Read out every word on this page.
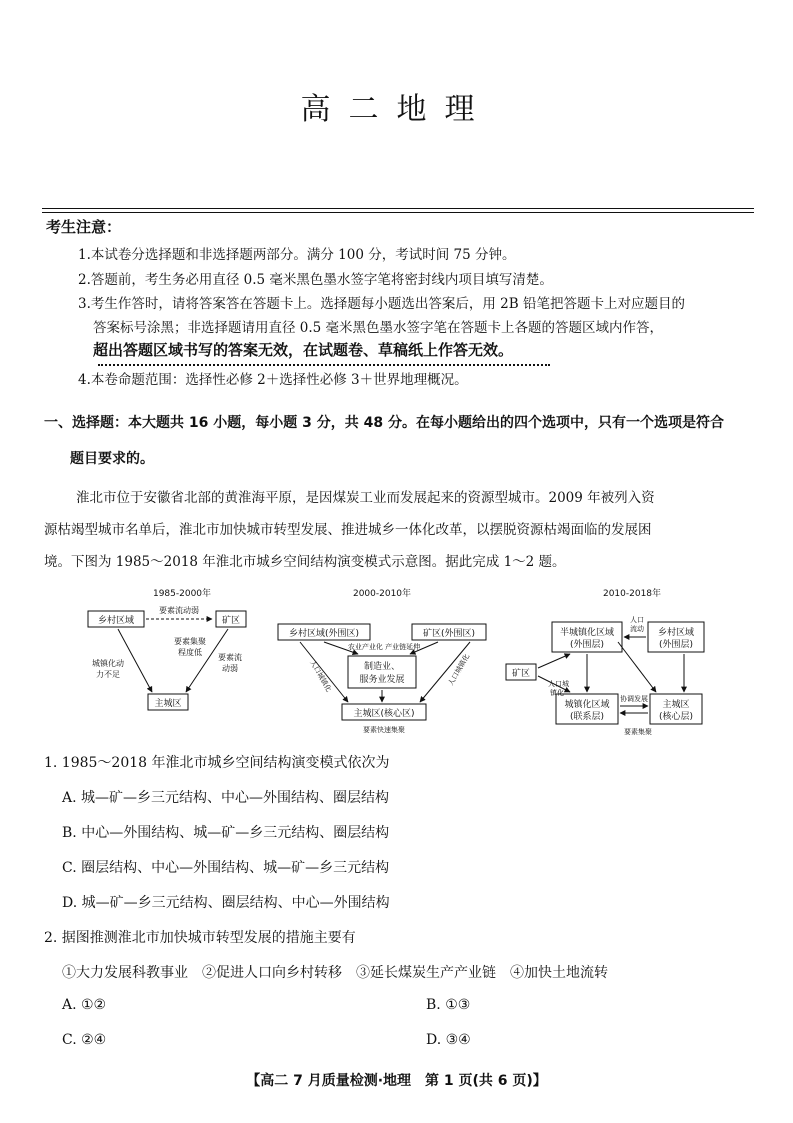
高二地理
考生注意：
1.本试卷分选择题和非选择题两部分。满分 100 分，考试时间 75 分钟。
2.答题前，考生务必用直径 0.5 毫米黑色墨水签字笔将密封线内项目填写清楚。
3.考生作答时，请将答案答在答题卡上。选择题每小题选出答案后，用 2B 铅笔把答题卡上对应题目的
答案标号涂黑；非选择题请用直径 0.5 毫米黑色墨水签字笔在答题卡上各题的答题区域内作答，
超出答题区域书写的答案无效，在试题卷、草稿纸上作答无效。
4.本卷命题范围：选择性必修 2＋选择性必修 3＋世界地理概况。
一、选择题：本大题共 16 小题，每小题 3 分，共 48 分。在每小题给出的四个选项中，只有一个选项是符合
题目要求的。
淮北市位于安徽省北部的黄淮海平原，是因煤炭工业而发展起来的资源型城市。2009 年被列入资
源枯竭型城市名单后，淮北市加快城市转型发展、推进城乡一体化改革，以摆脱资源枯竭面临的发展困
境。下图为 1985～2018 年淮北市城乡空间结构演变模式示意图。据此完成 1～2 题。
1985-2000年
乡村区域	矿区
主城区
要素流动弱
城镇化动
力不足
要素集聚
程度低
要素流
动弱
2000-2010年
乡村区域(外围区)	矿区(外围区)
农业产业化 产业链延伸
制造业、
服务业发展
主城区(核心区)
要素快速集聚
人口城镇化	人口城镇化
2010-2018年
半城镇化区域
(外围层)
乡村区域
(外围层)
矿区
城镇化区域
(联系层)
主城区
(核心层)
人口
流动
人口城
镇化
协调发展
要素集聚
1. 1985～2018 年淮北市城乡空间结构演变模式依次为
A. 城—矿—乡三元结构、中心—外围结构、圈层结构
B. 中心—外围结构、城—矿—乡三元结构、圈层结构
C. 圈层结构、中心—外围结构、城—矿—乡三元结构
D. 城—矿—乡三元结构、圈层结构、中心—外围结构
2. 据图推测淮北市加快城市转型发展的措施主要有
①大力发展科教事业　②促进人口向乡村转移　③延长煤炭生产产业链　④加快土地流转
A. ①②	B. ①③
C. ②④	D. ③④
【高二 7 月质量检测·地理　第 1 页(共 6 页)】
